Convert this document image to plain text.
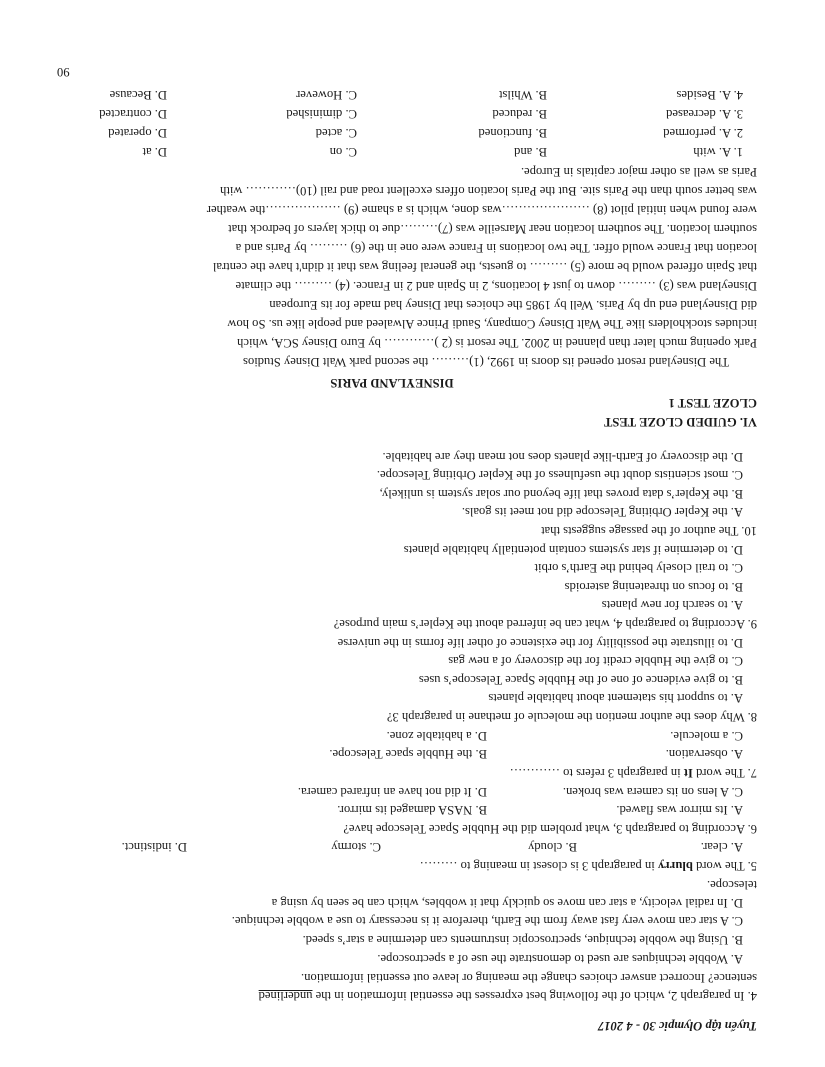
Tuyển tập Olympic 30 - 4 2017
4. In paragraph 2, which of the following best expresses the essential information in the underlined
sentence? Incorrect answer choices change the meaning or leave out essential information.
A. Wobble techniques are used to demonstrate the use of a spectroscope.
B. Using the wobble technique, spectroscopic instruments can determine a star’s speed.
C. A star can move very fast away from the Earth, therefore it is necessary to use a wobble technique.
D. In radial velocity, a star can move so quickly that it wobbles, which can be seen by using a
telescope.
5. The word blurry in paragraph 3 is closest in meaning to ………
A. clear.
B. cloudy
C. stormy
D. indistinct.
6. According to paragraph 3, what problem did the Hubble Space Telescope have?
A. Its mirror was flawed.
B. NASA damaged its mirror.
C. A lens on its camera was broken.
D. It did not have an infrared camera.
7. The word It in paragraph 3 refers to …………
A. observation.
B. the Hubble space Telescope.
C. a molecule.
D. a habitable zone.
8. Why does the author mention the molecule of methane in paragraph 3?
A. to support his statement about habitable planets
B. to give evidence of one of the Hubble Space Telescope’s uses
C. to give the Hubble credit for the discovery of a new gas
D. to illustrate the possibility for the existence of other life forms in the universe
9. According to paragraph 4, what can be inferred about the Kepler’s main purpose?
A. to search for new planets
B. to focus on threatening asteroids
C. to trail closely behind the Earth’s orbit
D. to determine if star systems contain potentially habitable planets
10. The author of the passage suggests that
A. the Kepler Orbiting Telescope did not meet its goals.
B. the Kepler’s data proves that life beyond our solar system is unlikely,
C. most scientists doubt the usefulness of the Kepler Orbiting Telescope.
D. the discovery of Earth-like planets does not mean they are habitable.
VI. GUIDED CLOZE TEST
CLOZE TEST 1
DISNEYLAND PARIS
The Disneyland resort opened its doors in 1992, (1)……… the second park Walt Disney Studios
Park opening much later than planned in 2002. The resort is (2 )………… by Euro Disney SCA, which
includes stockholders like The Walt Disney Company, Saudi Prince Alwaleed and people like us. So how
did Disneyland end up by Paris. Well by 1985 the choices that Disney had made for its European
Disneyland was (3) ……… down to just 4 locations, 2 in Spain and 2 in France. (4) ……… the climate
that Spain offered would be more (5) ……… to guests, the general feeling was that it didn't have the central
location that France would offer. The two locations in France were one in the (6) ……… by Paris and a
southern location. The southern location near Marseille was (7)………due to thick layers of bedrock that
were found when initial pilot (8) …………………was done, which is a shame (9) ………………the weather
was better south than the Paris site. But the Paris location offers excellent road and rail (10)………… with
Paris as well as other major capitals in Europe.
1. A. with
B. and
C. on
D. at
2. A. performed
B. functioned
C. acted
D. operated
3. A. decreased
B. reduced
C. diminished
D. contracted
4. A. Besides
B. Whilst
C. However
D. Because
90
